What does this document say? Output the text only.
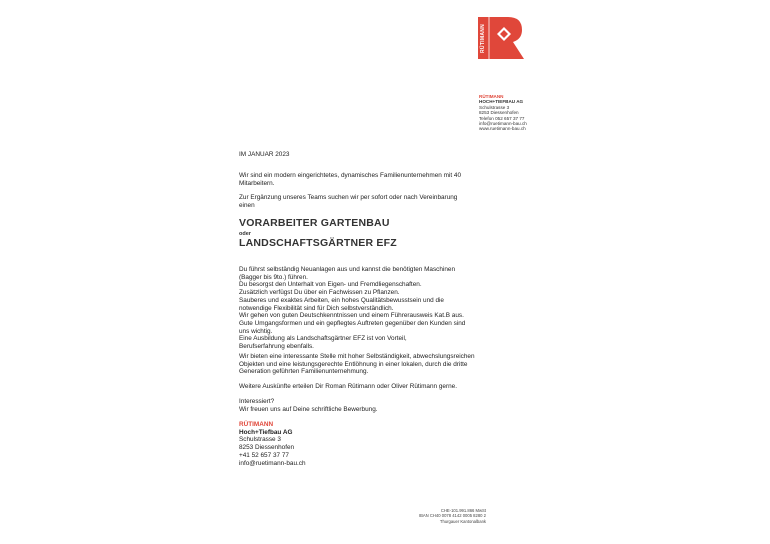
RÜTIMANN
RÜTIMANN
HOCH+TIEFBAU AG
Schulstrasse 3
8253 Diessenhofen
Telefon 052 657 37 77
info@ruetimann-bau.ch
www.ruetimann-bau.ch
IM JANUAR 2023
Wir sind ein modern eingerichtetes, dynamisches Familienunternehmen mit 40
Mitarbeitern.
Zur Ergänzung unseres Teams suchen wir per sofort oder nach Vereinbarung
einen
VORARBEITER GARTENBAU
oder
LANDSCHAFTSGÄRTNER EFZ
Du führst selbständig Neuanlagen aus und kannst die benötigten Maschinen
(Bagger bis 9to.) führen.
Du besorgst den Unterhalt von Eigen- und Fremdliegenschaften.
Zusätzlich verfügst Du über ein Fachwissen zu Pflanzen.
Sauberes und exaktes Arbeiten, ein hohes Qualitätsbewusstsein und die
notwendige Flexibilität sind für Dich selbstverständlich.
Wir gehen von guten Deutschkenntnissen und einem Führerausweis Kat.B aus.
Gute Umgangsformen und ein gepflegtes Auftreten gegenüber den Kunden sind
uns wichtig.
Eine Ausbildung als Landschaftsgärtner EFZ ist von Vorteil,
Berufserfahrung ebenfalls.
Wir bieten eine interessante Stelle mit hoher Selbständigkeit, abwechslungsreichen
Objekten und eine leistungsgerechte Entlöhnung in einer lokalen, durch die dritte
Generation geführten Familienunternehmung.
Weitere Auskünfte erteilen Dir Roman Rütimann oder Oliver Rütimann gerne.
Interessiert?
Wir freuen uns auf Deine schriftliche Bewerbung.
RÜTIMANN
Hoch+Tiefbau AG
Schulstrasse 3
8253 Diessenhofen
+41 52 657 37 77
info@ruetimann-bau.ch
CHE-101.991.866 MwSt
IBAN CH40 0078 4142 0005 8280 2
Thurgauer Kantonalbank
